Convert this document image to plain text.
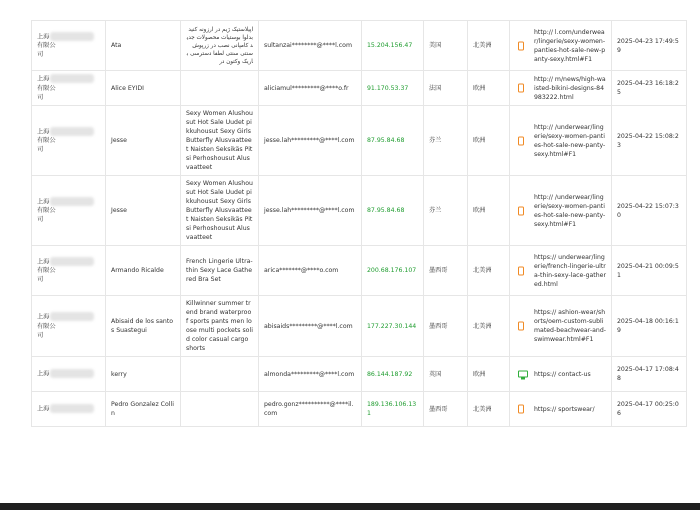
上海有限公
司	Ata	اپیلاستیک ژیم در ارزونه کنید بدلوا بوستیات محصولات جدید کامپانی نصب در زرپوش سنتی سنتی لطفا دسترسی باریک وکتون در	sultanzai********@****l.com	15.204.156.47	美国	北美洲	http:// l.com/underwear/lingerie/sexy-women-panties-hot-sale-new-panty-sexy.html#F1	2025-04-23 17:49:59
上海有限公
司	Alice EYIDI		aliciamul*********@****o.fr	91.170.53.37	法国	欧洲	http:// m/news/high-waisted-bikini-designs-84983222.html	2025-04-23 16:18:25
上海有限公
司	Jesse	Sexy Women Alushousut Hot Sale Uudet pikkuhousut Sexy Girls Butterfly Alusvaatteet Naisten Seksikäs Pitsi Perhoshousut Alusvaatteet	jesse.lah*********@****l.com	87.95.84.68	芬兰	欧洲	http:// /underwear/lingerie/sexy-women-panties-hot-sale-new-panty-sexy.html#F1	2025-04-22 15:08:23
上海有限公
司	Jesse	Sexy Women Alushousut Hot Sale Uudet pikkuhousut Sexy Girls Butterfly Alusvaatteet Naisten Seksikäs Pitsi Perhoshousut Alusvaatteet	jesse.lah*********@****l.com	87.95.84.68	芬兰	欧洲	http:// /underwear/lingerie/sexy-women-panties-hot-sale-new-panty-sexy.html#F1	2025-04-22 15:07:30
上海有限公
司	Armando Ricalde	French Lingerie Ultra-thin Sexy Lace Gathered Bra Set	arica*******@****o.com	200.68.176.107	墨西哥	北美洲	https:// underwear/lingerie/french-lingerie-ultra-thin-sexy-lace-gathered.html	2025-04-21 00:09:51
上海有限公
司	Abisaid de los santos Suastegui	Killwinner summer trend brand waterproof sports pants men loose multi pockets solid color casual cargo shorts	abisaids*********@****l.com	177.227.30.144	墨西哥	北美洲	https:// ashion-wear/shorts/oem-custom-sublimated-beachwear-and-swimwear.html#F1	2025-04-18 00:16:19
上海	kerry		almonda*********@****l.com	86.144.187.92	英国	欧洲	https:// contact-us	2025-04-17 17:08:48
上海	Pedro Gonzalez Collin		pedro.gonz**********@****il.com	189.136.106.131	墨西哥	北美洲	https:// sportswear/	2025-04-17 00:25:06
